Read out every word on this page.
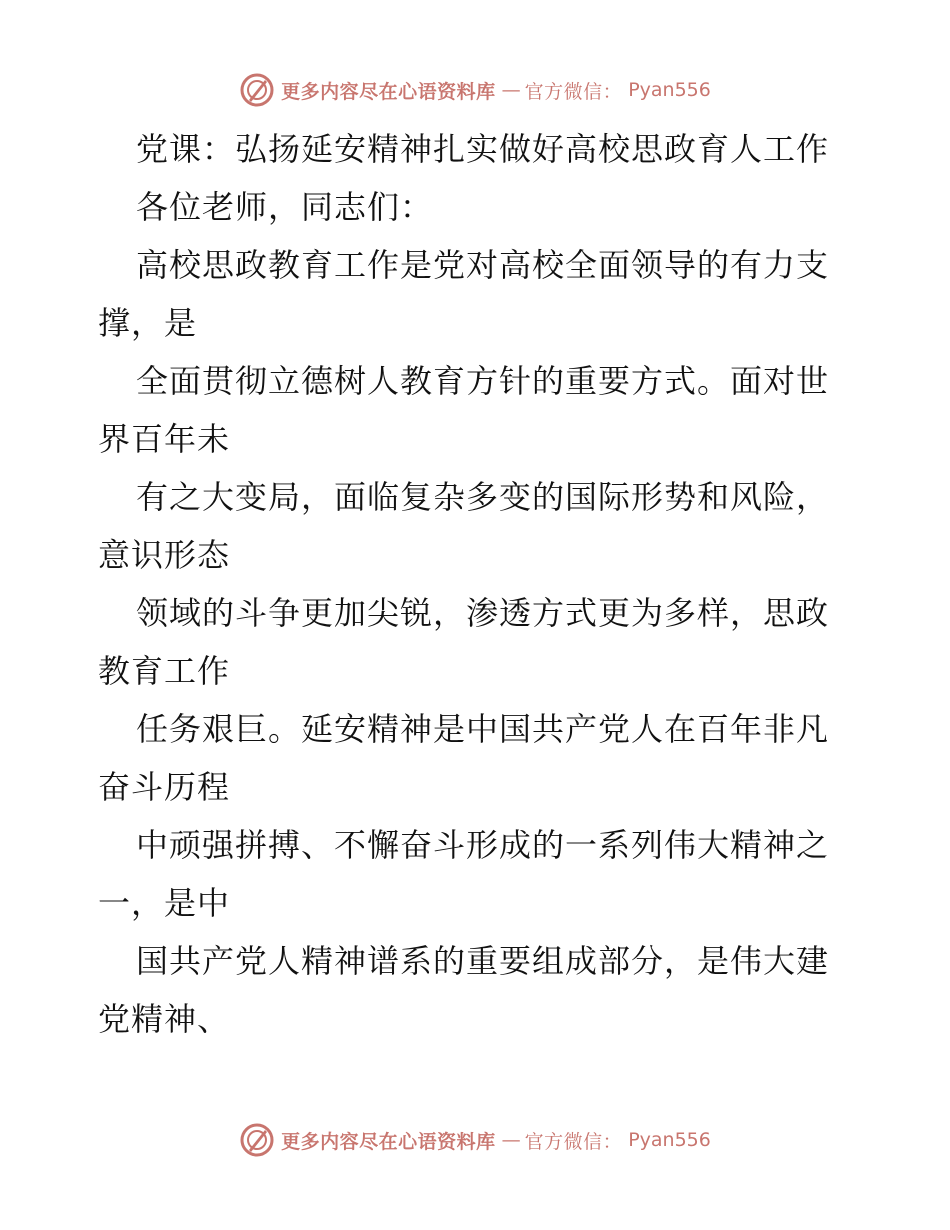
更多内容尽在心语资料库 — 官方微信： Pyan556
党课：弘扬延安精神扎实做好高校思政育人工作
各位老师，同志们：
高校思政教育工作是党对高校全面领导的有力支
撑，是
全面贯彻立德树人教育方针的重要方式。面对世
界百年未
有之大变局，面临复杂多变的国际形势和风险，
意识形态
领域的斗争更加尖锐，渗透方式更为多样，思政
教育工作
任务艰巨。延安精神是中国共产党人在百年非凡
奋斗历程
中顽强拼搏、不懈奋斗形成的一系列伟大精神之
一，是中
国共产党人精神谱系的重要组成部分，是伟大建
党精神、
更多内容尽在心语资料库 — 官方微信： Pyan556
